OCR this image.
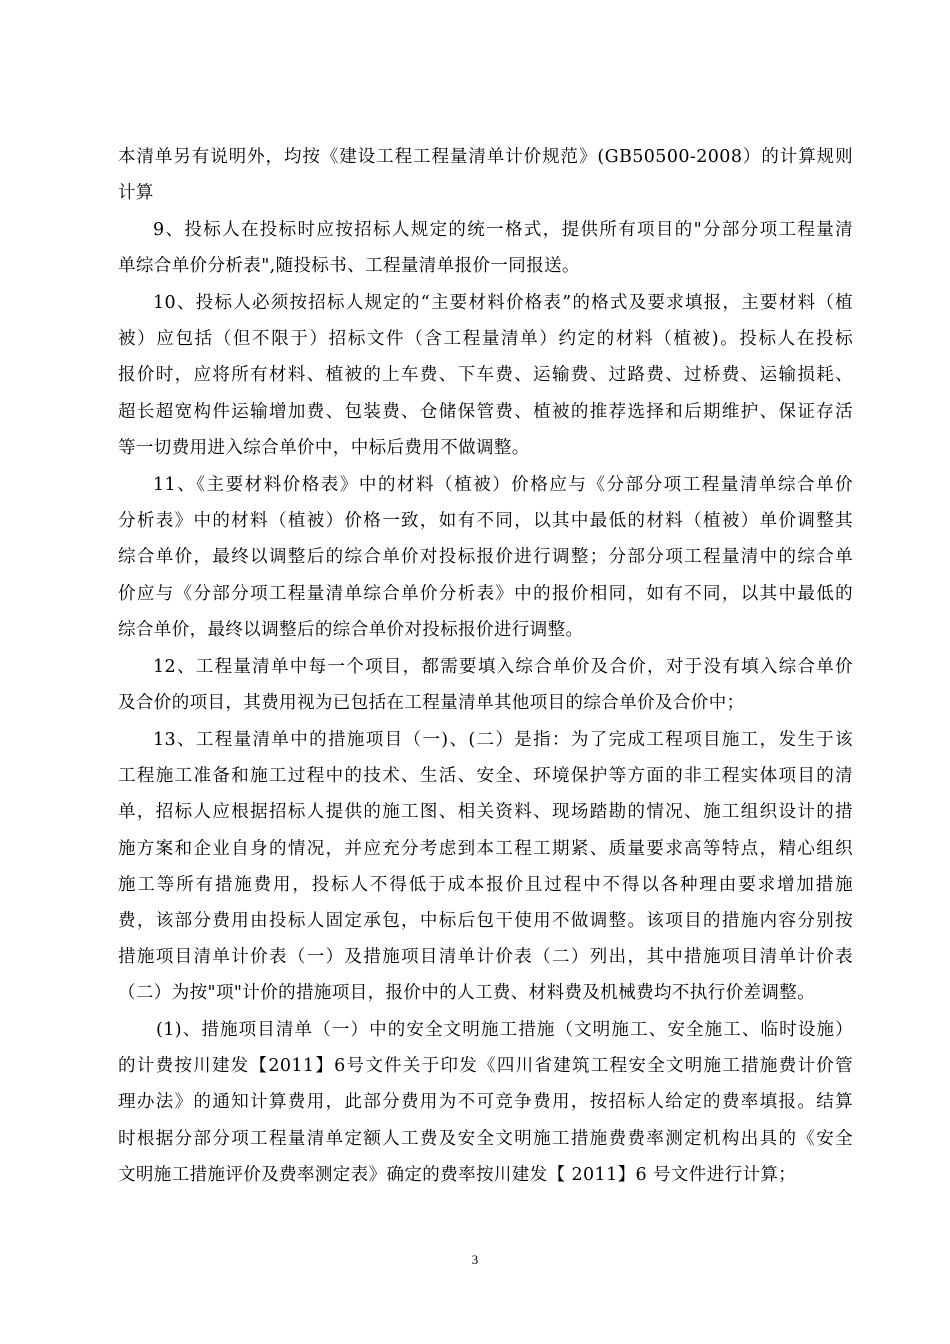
本清单另有说明外，均按《建设工程工程量清单计价规范》(GB50500-2008）的计算规则
计算

9、投标人在投标时应按招标人规定的统一格式，提供所有项目的"分部分项工程量清
单综合单价分析表",随投标书、工程量清单报价一同报送。

10、投标人必须按招标人规定的“主要材料价格表”的格式及要求填报，主要材料（植
被）应包括（但不限于）招标文件（含工程量清单）约定的材料（植被)。投标人在投标
报价时，应将所有材料、植被的上车费、下车费、运输费、过路费、过桥费、运输损耗、
超长超宽构件运输增加费、包装费、仓储保管费、植被的推荐选择和后期维护、保证存活
等一切费用进入综合单价中，中标后费用不做调整。

11、《主要材料价格表》中的材料（植被）价格应与《分部分项工程量清单综合单价
分析表》中的材料（植被）价格一致，如有不同，以其中最低的材料（植被）单价调整其
综合单价，最终以调整后的综合单价对投标报价进行调整；分部分项工程量清中的综合单
价应与《分部分项工程量清单综合单价分析表》中的报价相同，如有不同，以其中最低的
综合单价，最终以调整后的综合单价对投标报价进行调整。

12、工程量清单中每一个项目，都需要填入综合单价及合价，对于没有填入综合单价
及合价的项目，其费用视为已包括在工程量清单其他项目的综合单价及合价中；

13、工程量清单中的措施项目（一)、(二）是指：为了完成工程项目施工，发生于该
工程施工准备和施工过程中的技术、生活、安全、环境保护等方面的非工程实体项目的清
单，招标人应根据招标人提供的施工图、相关资料、现场踏勘的情况、施工组织设计的措
施方案和企业自身的情况，并应充分考虑到本工程工期紧、质量要求高等特点，精心组织
施工等所有措施费用，投标人不得低于成本报价且过程中不得以各种理由要求增加措施
费，该部分费用由投标人固定承包，中标后包干使用不做调整。该项目的措施内容分别按
措施项目清单计价表（一）及措施项目清单计价表（二）列出，其中措施项目清单计价表
（二）为按"项"计价的措施项目，报价中的人工费、材料费及机械费均不执行价差调整。

(1)、措施项目清单（一）中的安全文明施工措施（文明施工、安全施工、临时设施）
的计费按川建发【2011】6号文件关于印发《四川省建筑工程安全文明施工措施费计价管
理办法》的通知计算费用，此部分费用为不可竞争费用，按招标人给定的费率填报。结算
时根据分部分项工程量清单定额人工费及安全文明施工措施费费率测定机构出具的《安全
文明施工措施评价及费率测定表》确定的费率按川建发【 2011】6 号文件进行计算；

3
